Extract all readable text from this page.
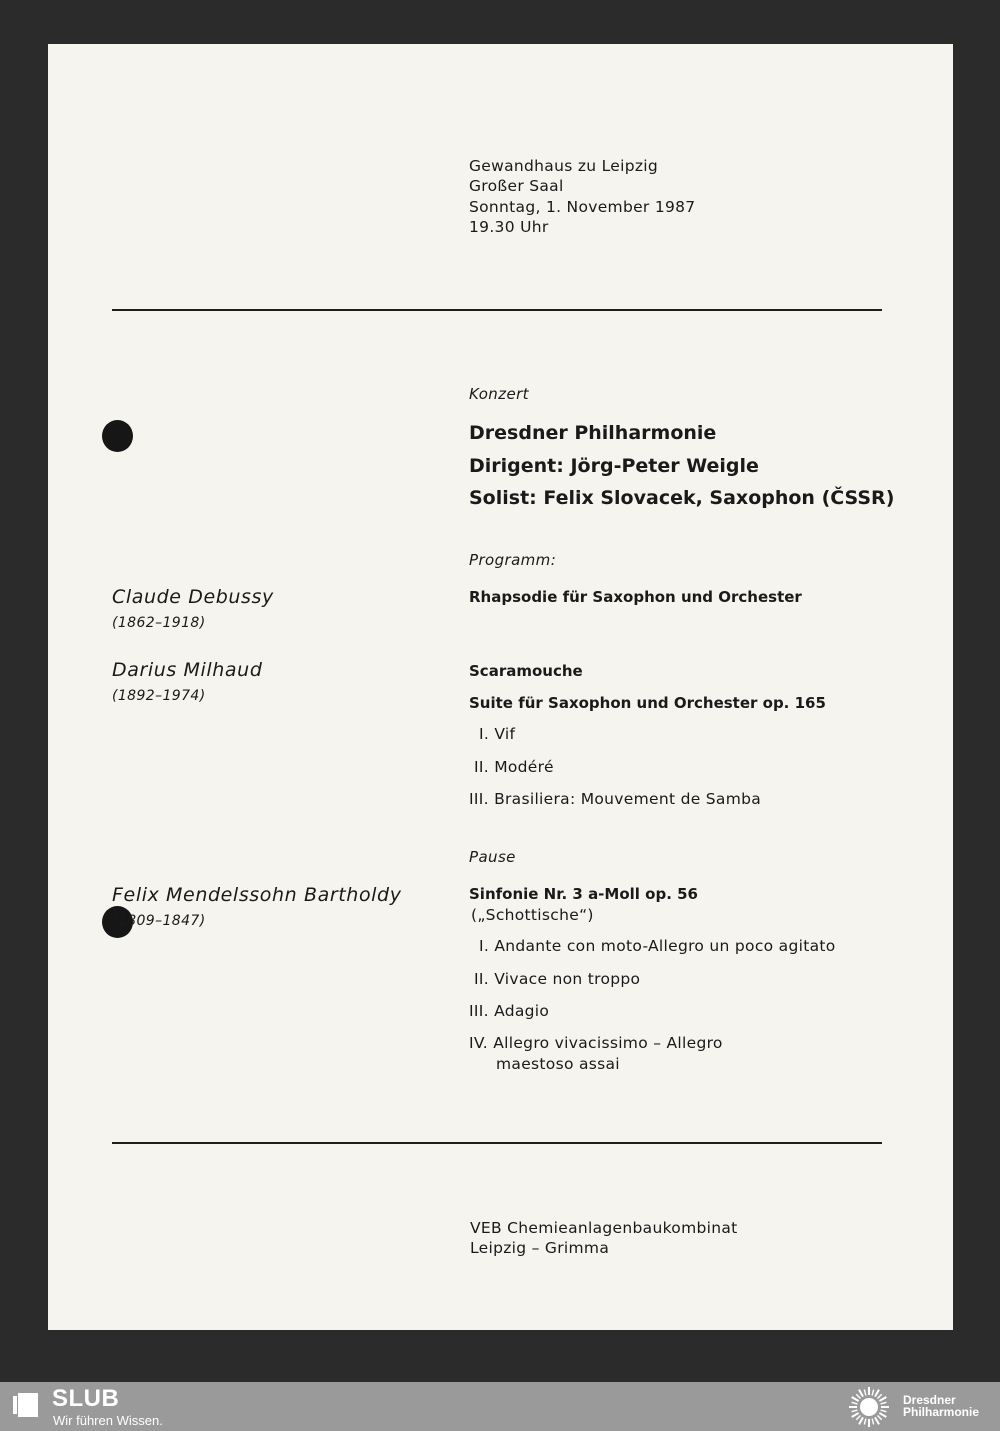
Gewandhaus zu Leipzig
Großer Saal
Sonntag, 1. November 1987
19.30 Uhr
Konzert
Dresdner Philharmonie
Dirigent: Jörg-Peter Weigle
Solist: Felix Slovacek, Saxophon (ČSSR)
Programm:
Claude Debussy
(1862–1918)
Rhapsodie für Saxophon und Orchester
Darius Milhaud
(1892–1974)
Scaramouche
Suite für Saxophon und Orchester op. 165
I. Vif
II. Modéré
III. Brasiliera: Mouvement de Samba
Pause
Felix Mendelssohn Bartholdy
(1809–1847)
Sinfonie Nr. 3 a-Moll op. 56
(„Schottische“)
I. Andante con moto-Allegro un poco agitato
II. Vivace non troppo
III. Adagio
IV. Allegro vivacissimo – Allegro
maestoso assai
VEB Chemieanlagenbaukombinat
Leipzig – Grimma
SLUB
Wir führen Wissen.
Dresdner
Philharmonie
